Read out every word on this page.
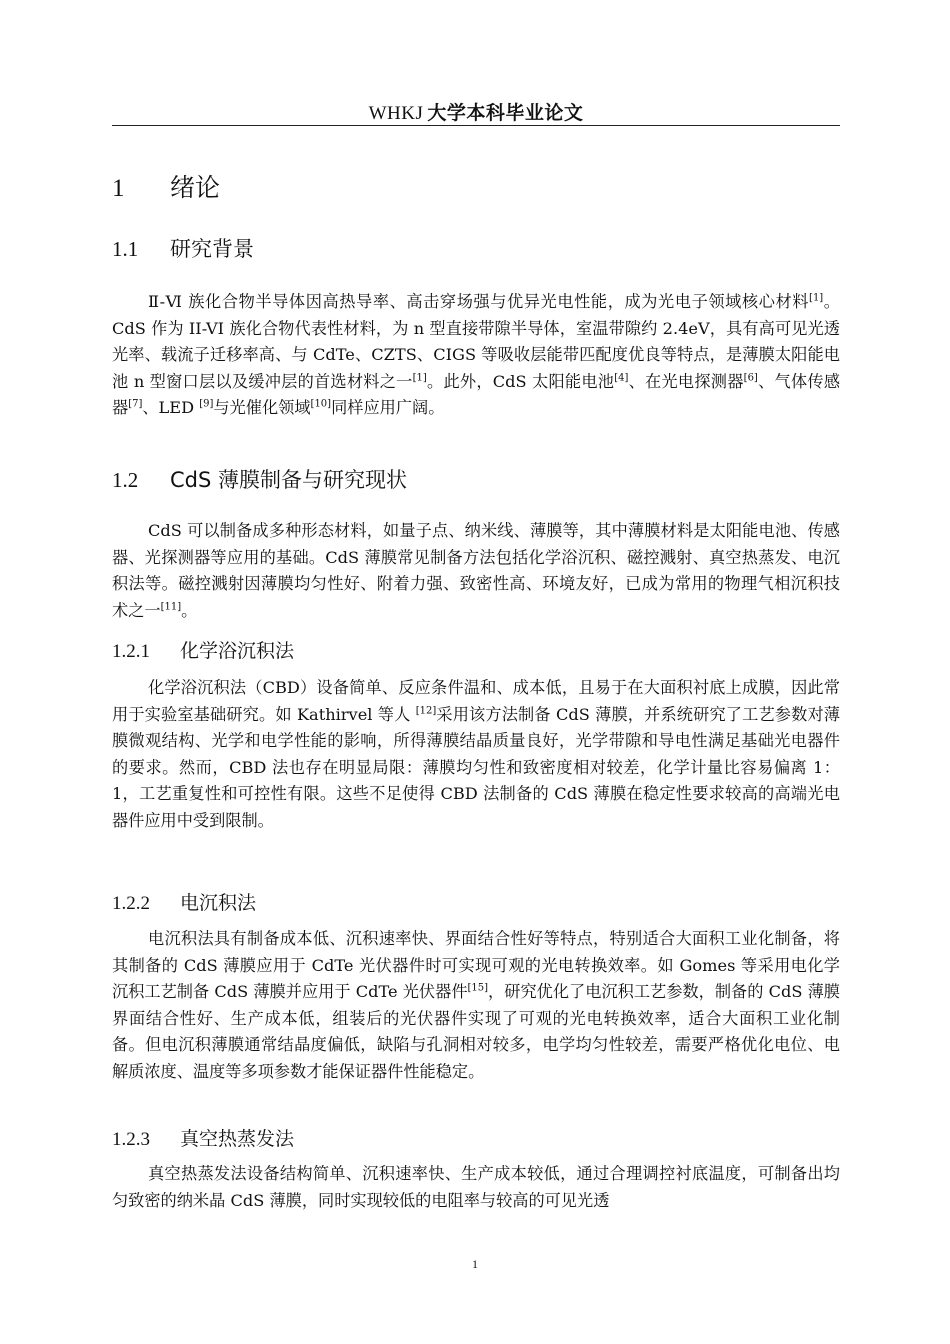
WHKJ 大学本科毕业论文
1 绪论
1.1 研究背景

Ⅱ-Ⅵ 族化合物半导体因高热导率、高击穿场强与优异光电性能，成为光电子领域核心材料[1]。CdS 作为 II-VI 族化合物代表性材料，为 n 型直接带隙半导体，室温带隙约 2.4eV，具有高可见光透光率、载流子迁移率高、与 CdTe、CZTS、CIGS 等吸收层能带匹配度优良等特点，是薄膜太阳能电池 n 型窗口层以及缓冲层的首选材料之一[1]。此外，CdS 太阳能电池[4]、在光电探测器[6]、气体传感器[7]、LED [9]与光催化领域[10]同样应用广阔。

1.2 CdS 薄膜制备与研究现状

CdS 可以制备成多种形态材料，如量子点、纳米线、薄膜等，其中薄膜材料是太阳能电池、传感器、光探测器等应用的基础。CdS 薄膜常见制备方法包括化学浴沉积、磁控溅射、真空热蒸发、电沉积法等。磁控溅射因薄膜均匀性好、附着力强、致密性高、环境友好，已成为常用的物理气相沉积技术之一[11]。

1.2.1 化学浴沉积法

化学浴沉积法（CBD）设备简单、反应条件温和、成本低，且易于在大面积衬底上成膜，因此常用于实验室基础研究。如 Kathirvel 等人 [12]采用该方法制备 CdS 薄膜，并系统研究了工艺参数对薄膜微观结构、光学和电学性能的影响，所得薄膜结晶质量良好，光学带隙和导电性满足基础光电器件的要求。然而，CBD 法也存在明显局限：薄膜均匀性和致密度相对较差，化学计量比容易偏离 1：1，工艺重复性和可控性有限。这些不足使得 CBD 法制备的 CdS 薄膜在稳定性要求较高的高端光电器件应用中受到限制。

1.2.2 电沉积法

电沉积法具有制备成本低、沉积速率快、界面结合性好等特点，特别适合大面积工业化制备，将其制备的 CdS 薄膜应用于 CdTe 光伏器件时可实现可观的光电转换效率。如 Gomes 等采用电化学沉积工艺制备 CdS 薄膜并应用于 CdTe 光伏器件[15]，研究优化了电沉积工艺参数，制备的 CdS 薄膜界面结合性好、生产成本低，组装后的光伏器件实现了可观的光电转换效率，适合大面积工业化制备。但电沉积薄膜通常结晶度偏低，缺陷与孔洞相对较多，电学均匀性较差，需要严格优化电位、电解质浓度、温度等多项参数才能保证器件性能稳定。

1.2.3 真空热蒸发法

真空热蒸发法设备结构简单、沉积速率快、生产成本较低，通过合理调控衬底温度，可制备出均匀致密的纳米晶 CdS 薄膜，同时实现较低的电阻率与较高的可见光透

1
